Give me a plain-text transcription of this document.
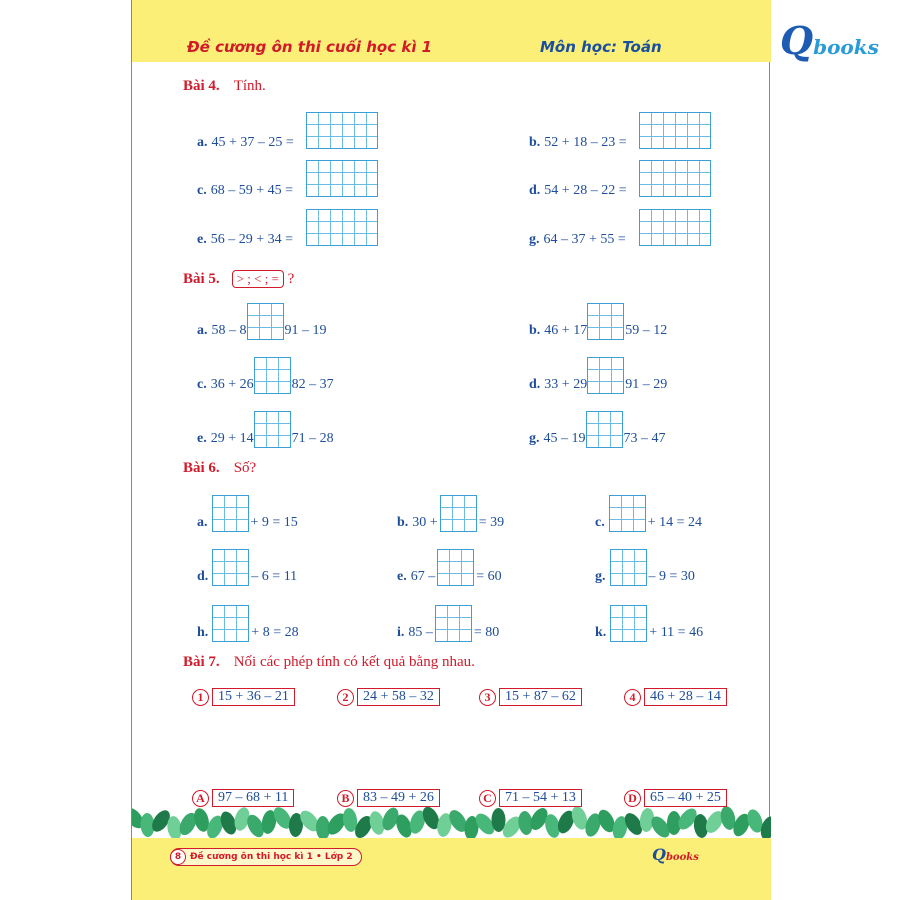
Đề cương ôn thi cuối học kì 1	Môn học: Toán
Bài 4. Tính.
Bài 5. > ; < ; = ?
Bài 6. Số?
Bài 7. Nối các phép tính có kết quả bằng nhau.
8 Đề cương ôn thi học kì 1 • Lớp 2	Qbooks
a. 45 + 37 – 25 =	b. 52 + 18 – 23 =
c. 68 – 59 + 45 =	d. 54 + 28 – 22 =
e. 56 – 29 + 34 =	g. 64 – 37 + 55 =
a. 58 – 8	91 – 19	b. 46 + 17	59 – 12
c. 36 + 26	82 – 37	d. 33 + 29	91 – 29
e. 29 + 14	71 – 28	g. 45 – 19	73 – 47
a.	+ 9 = 15	b. 30 +	= 39	c.	+ 14 = 24
d.	– 6 = 11	e. 67 –	= 60	g.	– 9 = 30
h.	+ 8 = 28	i. 85 –	= 80	k.	+ 11 = 46
1	15 + 36 – 21	2	24 + 58 – 32	3	15 + 87 – 62	4	46 + 28 – 14
A 97 – 68 + 11	B 83 – 49 + 26	C 71 – 54 + 13	D 65 – 40 + 25
Qbooks
